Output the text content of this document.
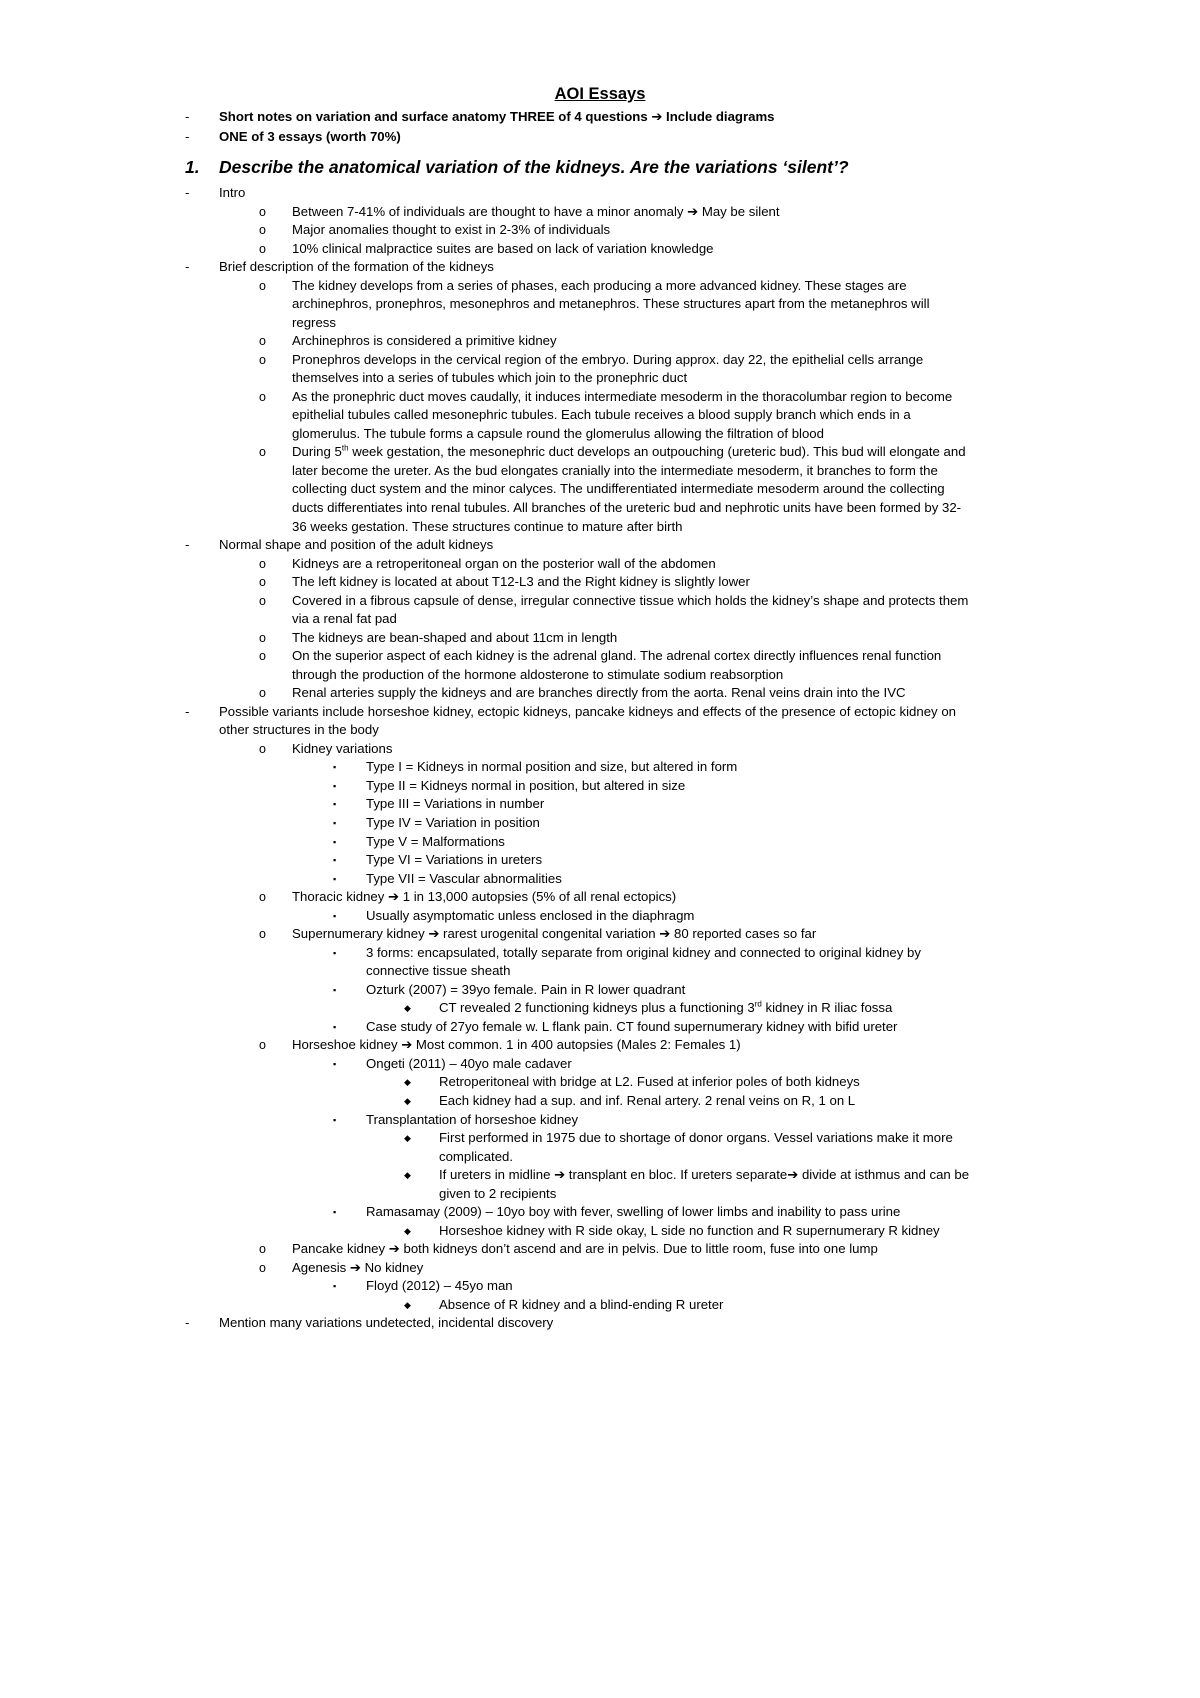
AOI Essays
- Short notes on variation and surface anatomy THREE of 4 questions ➔ Include diagrams
- ONE of 3 essays (worth 70%)
1. Describe the anatomical variation of the kidneys. Are the variations ‘silent’?
- Intro
o Between 7-41% of individuals are thought to have a minor anomaly ➔ May be silent
o Major anomalies thought to exist in 2-3% of individuals
o 10% clinical malpractice suites are based on lack of variation knowledge
- Brief description of the formation of the kidneys
o The kidney develops from a series of phases, each producing a more advanced kidney. These stages are
archinephros, pronephros, mesonephros and metanephros. These structures apart from the metanephros will
regress
o Archinephros is considered a primitive kidney
o Pronephros develops in the cervical region of the embryo. During approx. day 22, the epithelial cells arrange
themselves into a series of tubules which join to the pronephric duct
o As the pronephric duct moves caudally, it induces intermediate mesoderm in the thoracolumbar region to become
epithelial tubules called mesonephric tubules. Each tubule receives a blood supply branch which ends in a
glomerulus. The tubule forms a capsule round the glomerulus allowing the filtration of blood
o During 5th week gestation, the mesonephric duct develops an outpouching (ureteric bud). This bud will elongate and
later become the ureter. As the bud elongates cranially into the intermediate mesoderm, it branches to form the
collecting duct system and the minor calyces. The undifferentiated intermediate mesoderm around the collecting
ducts differentiates into renal tubules. All branches of the ureteric bud and nephrotic units have been formed by 32-
36 weeks gestation. These structures continue to mature after birth
- Normal shape and position of the adult kidneys
o Kidneys are a retroperitoneal organ on the posterior wall of the abdomen
o The left kidney is located at about T12-L3 and the Right kidney is slightly lower
o Covered in a fibrous capsule of dense, irregular connective tissue which holds the kidney’s shape and protects them
via a renal fat pad
o The kidneys are bean-shaped and about 11cm in length
o On the superior aspect of each kidney is the adrenal gland. The adrenal cortex directly influences renal function
through the production of the hormone aldosterone to stimulate sodium reabsorption
o Renal arteries supply the kidneys and are branches directly from the aorta. Renal veins drain into the IVC
- Possible variants include horseshoe kidney, ectopic kidneys, pancake kidneys and effects of the presence of ectopic kidney on
other structures in the body
o Kidney variations
▪ Type I = Kidneys in normal position and size, but altered in form
▪ Type II = Kidneys normal in position, but altered in size
▪ Type III = Variations in number
▪ Type IV = Variation in position
▪ Type V = Malformations
▪ Type VI = Variations in ureters
▪ Type VII = Vascular abnormalities
o Thoracic kidney ➔ 1 in 13,000 autopsies (5% of all renal ectopics)
▪ Usually asymptomatic unless enclosed in the diaphragm
o Supernumerary kidney ➔ rarest urogenital congenital variation ➔ 80 reported cases so far
▪ 3 forms: encapsulated, totally separate from original kidney and connected to original kidney by
connective tissue sheath
▪ Ozturk (2007) = 39yo female. Pain in R lower quadrant
◆ CT revealed 2 functioning kidneys plus a functioning 3rd kidney in R iliac fossa
▪ Case study of 27yo female w. L flank pain. CT found supernumerary kidney with bifid ureter
o Horseshoe kidney ➔ Most common. 1 in 400 autopsies (Males 2: Females 1)
▪ Ongeti (2011) – 40yo male cadaver
◆ Retroperitoneal with bridge at L2. Fused at inferior poles of both kidneys
◆ Each kidney had a sup. and inf. Renal artery. 2 renal veins on R, 1 on L
▪ Transplantation of horseshoe kidney
◆ First performed in 1975 due to shortage of donor organs. Vessel variations make it more
complicated.
◆ If ureters in midline ➔ transplant en bloc. If ureters separate➔ divide at isthmus and can be
given to 2 recipients
▪ Ramasamay (2009) – 10yo boy with fever, swelling of lower limbs and inability to pass urine
◆ Horseshoe kidney with R side okay, L side no function and R supernumerary R kidney
o Pancake kidney ➔ both kidneys don’t ascend and are in pelvis. Due to little room, fuse into one lump
o Agenesis ➔ No kidney
▪ Floyd (2012) – 45yo man
◆ Absence of R kidney and a blind-ending R ureter
- Mention many variations undetected, incidental discovery
